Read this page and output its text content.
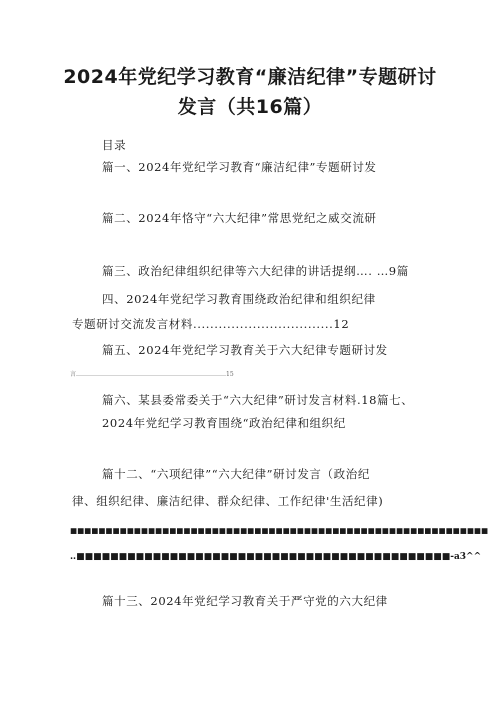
2024年党纪学习教育“廉洁纪律”专题研讨
发言（共16篇）
目录
篇一、2024年党纪学习教育“廉洁纪律”专题研讨发
篇二、2024年恪守“六大纪律”常思党纪之威交流研
篇三、政治纪律组织纪律等六大纪律的讲话提纲…. …9篇
四、2024年党纪学习教育围绕政治纪律和组织纪律
专题研讨交流发言材料.................................12
篇五、2024年党纪学习教育关于六大纪律专题研讨发
言…………………………………………………………………15
篇六、某县委常委关于“六大纪律”研讨发言材料.18篇七、
2024年党纪学习教育围绕“政治纪律和组织纪
篇十二、“六项纪律”“六大纪律”研讨发言（政治纪
律、组织纪律、廉洁纪律、群众纪律、工作纪律'生活纪律)
■■■■■■■■■■■■■■■■■■■■■■■■■■■■■■■■■■■■■■■■■■■■■■■■■■■■■■■■■■■
‥■■■■■■■■■■■■■■■■■■■■■■■■■■■■■■■■■■■■■■■■■■■■-a3^^
篇十三、2024年党纪学习教育关于严守党的六大纪律
